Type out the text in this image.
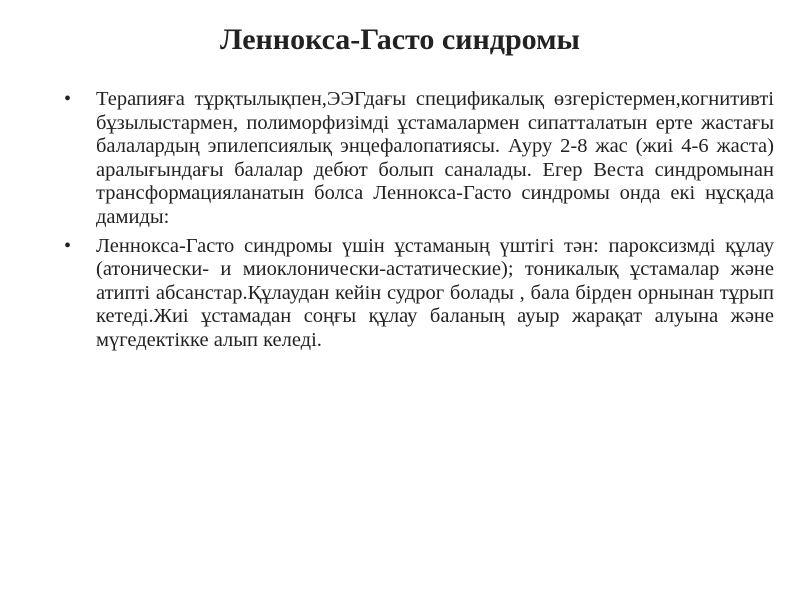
Леннокса-Гасто синдромы
• Терапияға тұрқтылықпен,ЭЭГдағы спецификалық өзгерістермен,когнитивті бұзылыстармен, полиморфизімді ұстамалармен сипатталатын ерте жастағы балалардың эпилепсиялық энцефалопатиясы. Ауру 2-8 жас (жиі 4-6 жаста) аралығындағы балалар дебют болып саналады. Егер Веста синдромынан трансформацияланатын болса Леннокса-Гасто синдромы онда екі нұсқада дамиды:
• Леннокса-Гасто синдромы үшін ұстаманың үштігі тән: пароксизмді құлау (атонически- и миоклонически-астатические); тоникалық ұстамалар және атипті абсанстар.Құлаудан кейін судрог болады , бала бірден орнынан тұрып кетеді.Жиі ұстамадан соңғы құлау баланың ауыр жарақат алуына және мүгедектікке алып келеді.
